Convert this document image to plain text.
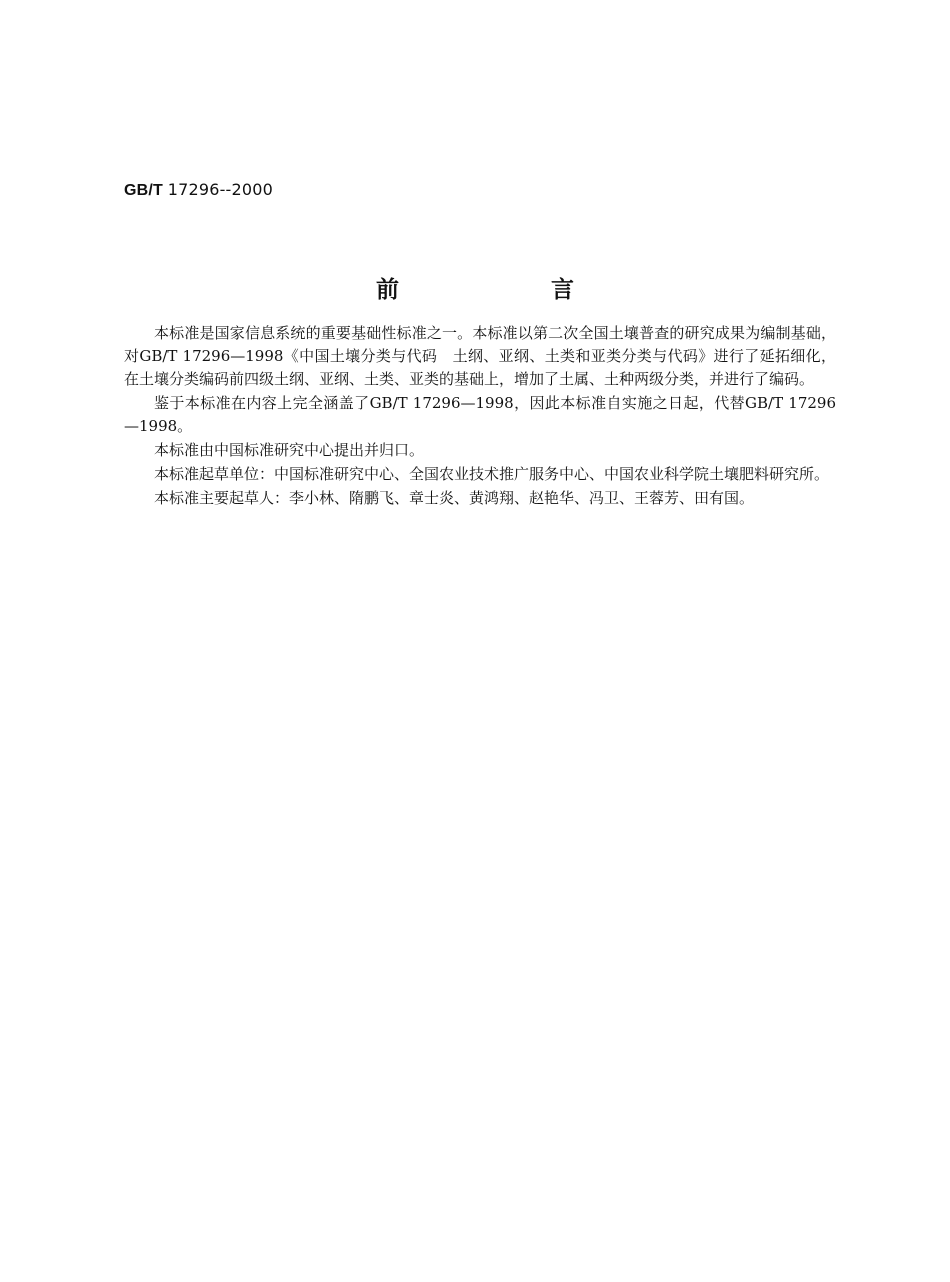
GB/T 17296--2000
前 言

本标准是国家信息系统的重要基础性标准之一。本标准以第二次全国土壤普查的研究成果为编制基础，对GB/T 17296—1998《中国土壤分类与代码　土纲、亚纲、土类和亚类分类与代码》进行了延拓细化，在土壤分类编码前四级土纲、亚纲、土类、亚类的基础上，增加了土属、土种两级分类，并进行了编码。

鉴于本标准在内容上完全涵盖了GB/T 17296—1998，因此本标准自实施之日起，代替GB/T 17296—1998。

本标准由中国标准研究中心提出并归口。

本标准起草单位：中国标准研究中心、全国农业技术推广服务中心、中国农业科学院土壤肥料研究所。

本标准主要起草人：李小林、隋鹏飞、章士炎、黄鸿翔、赵艳华、冯卫、王蓉芳、田有国。
